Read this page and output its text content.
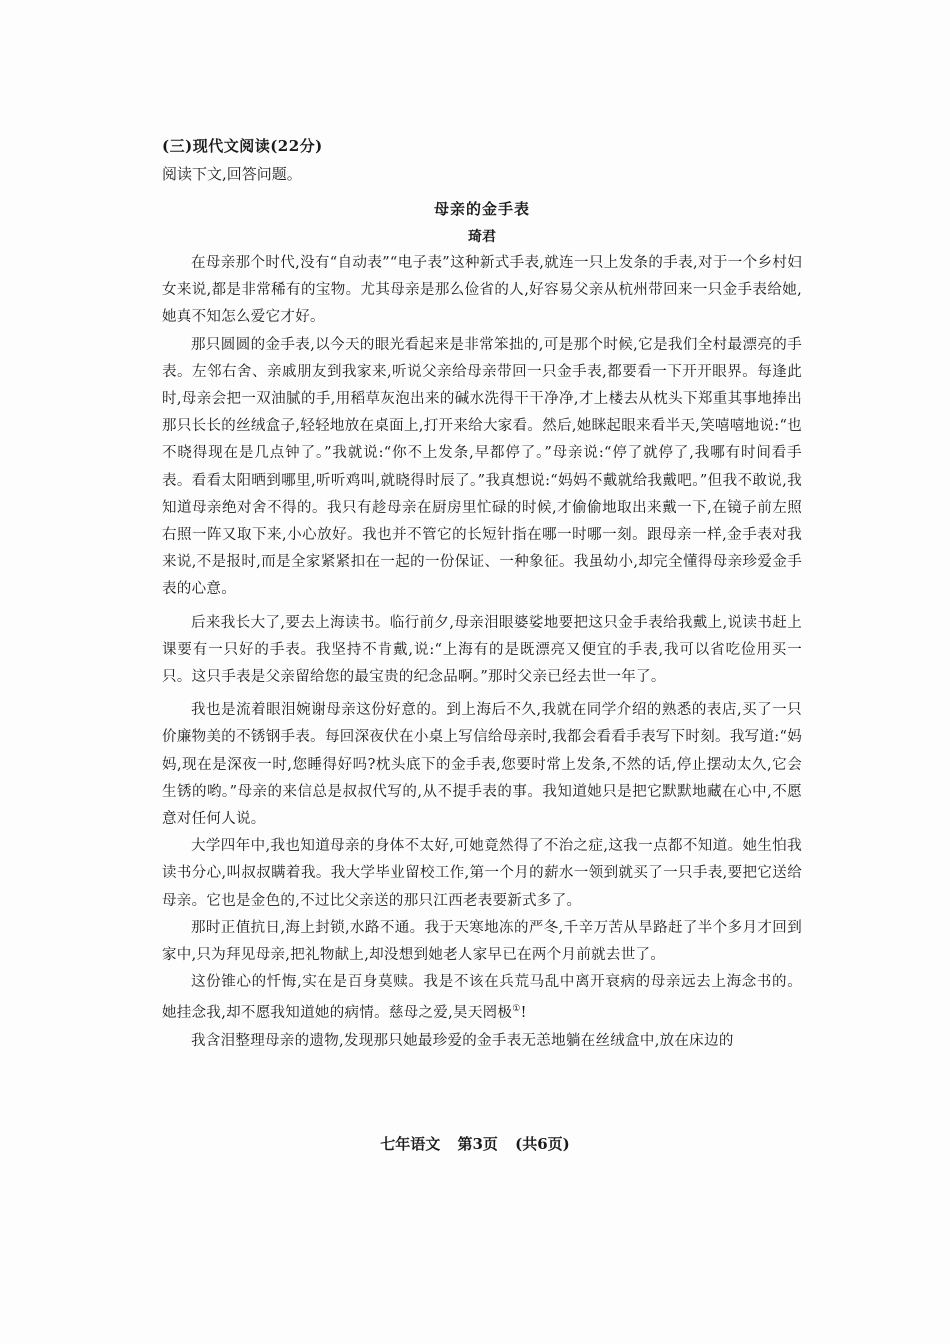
(三)现代文阅读(22分)

阅读下文,回答问题。

母亲的金手表

琦君

在母亲那个时代,没有“自动表”“电子表”这种新式手表,就连一只上发条的手表,对于一个乡村妇女来说,都是非常稀有的宝物。尤其母亲是那么俭省的人,好容易父亲从杭州带回来一只金手表给她,她真不知怎么爱它才好。

那只圆圆的金手表,以今天的眼光看起来是非常笨拙的,可是那个时候,它是我们全村最漂亮的手表。左邻右舍、亲戚朋友到我家来,听说父亲给母亲带回一只金手表,都要看一下开开眼界。每逢此时,母亲会把一双油腻的手,用稻草灰泡出来的碱水洗得干干净净,才上楼去从枕头下郑重其事地捧出那只长长的丝绒盒子,轻轻地放在桌面上,打开来给大家看。然后,她眯起眼来看半天,笑嘻嘻地说:“也不晓得现在是几点钟了。”我就说:“你不上发条,早都停了。”母亲说:“停了就停了,我哪有时间看手表。看看太阳晒到哪里,听听鸡叫,就晓得时辰了。”我真想说:“妈妈不戴就给我戴吧。”但我不敢说,我知道母亲绝对舍不得的。我只有趁母亲在厨房里忙碌的时候,才偷偷地取出来戴一下,在镜子前左照右照一阵又取下来,小心放好。我也并不管它的长短针指在哪一时哪一刻。跟母亲一样,金手表对我来说,不是报时,而是全家紧紧扣在一起的一份保证、一种象征。我虽幼小,却完全懂得母亲珍爱金手表的心意。

后来我长大了,要去上海读书。临行前夕,母亲泪眼婆娑地要把这只金手表给我戴上,说读书赶上课要有一只好的手表。我坚持不肯戴,说:“上海有的是既漂亮又便宜的手表,我可以省吃俭用买一只。这只手表是父亲留给您的最宝贵的纪念品啊。”那时父亲已经去世一年了。

我也是流着眼泪婉谢母亲这份好意的。到上海后不久,我就在同学介绍的熟悉的表店,买了一只价廉物美的不锈钢手表。每回深夜伏在小桌上写信给母亲时,我都会看看手表写下时刻。我写道:“妈妈,现在是深夜一时,您睡得好吗?枕头底下的金手表,您要时常上发条,不然的话,停止摆动太久,它会生锈的哟。”母亲的来信总是叔叔代写的,从不提手表的事。我知道她只是把它默默地藏在心中,不愿意对任何人说。

大学四年中,我也知道母亲的身体不太好,可她竟然得了不治之症,这我一点都不知道。她生怕我读书分心,叫叔叔瞒着我。我大学毕业留校工作,第一个月的薪水一领到就买了一只手表,要把它送给母亲。它也是金色的,不过比父亲送的那只江西老表要新式多了。

那时正值抗日,海上封锁,水路不通。我于天寒地冻的严冬,千辛万苦从旱路赶了半个多月才回到家中,只为拜见母亲,把礼物献上,却没想到她老人家早已在两个月前就去世了。

这份锥心的忏悔,实在是百身莫赎。我是不该在兵荒马乱中离开衰病的母亲远去上海念书的。她挂念我,却不愿我知道她的病情。慈母之爱,昊天罔极①!

我含泪整理母亲的遗物,发现那只她最珍爱的金手表无恙地躺在丝绒盒中,放在床边的

七年语文 第3页 (共6页)
